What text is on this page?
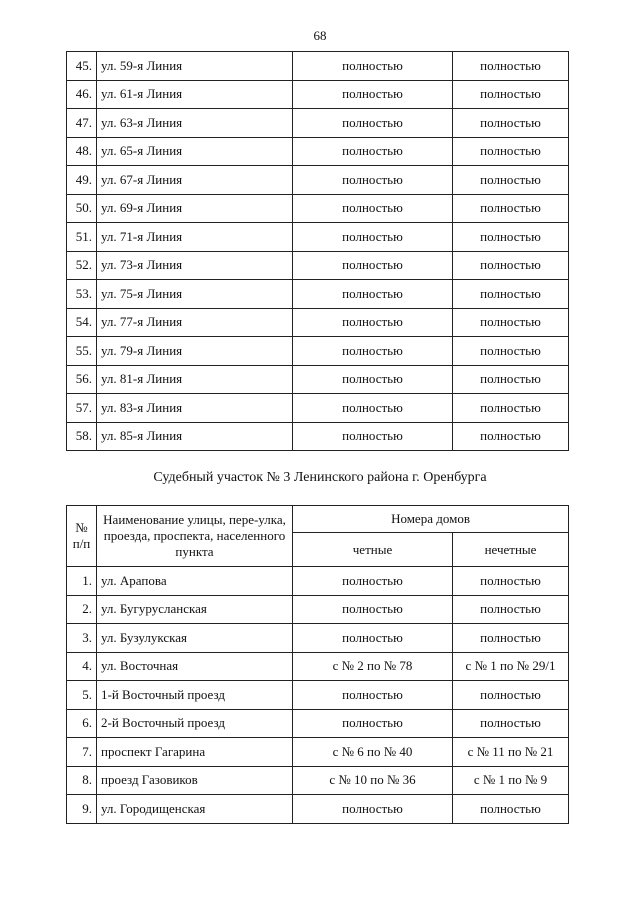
68
45.	ул. 59-я Линия	полностью	полностью
46.	ул. 61-я Линия	полностью	полностью
47.	ул. 63-я Линия	полностью	полностью
48.	ул. 65-я Линия	полностью	полностью
49.	ул. 67-я Линия	полностью	полностью
50.	ул. 69-я Линия	полностью	полностью
51.	ул. 71-я Линия	полностью	полностью
52.	ул. 73-я Линия	полностью	полностью
53.	ул. 75-я Линия	полностью	полностью
54.	ул. 77-я Линия	полностью	полностью
55.	ул. 79-я Линия	полностью	полностью
56.	ул. 81-я Линия	полностью	полностью
57.	ул. 83-я Линия	полностью	полностью
58.	ул. 85-я Линия	полностью	полностью
Судебный участок № 3 Ленинского района г. Оренбурга
№ п/п	Наименование улицы, пере-улка, проезда, проспекта, населенного пункта	Номера домов	
		четные	нечетные
1.	ул. Арапова	полностью	полностью
2.	ул. Бугурусланская	полностью	полностью
3.	ул. Бузулукская	полностью	полностью
4.	ул. Восточная	с № 2 по № 78	с № 1 по № 29/1
5.	1-й Восточный проезд	полностью	полностью
6.	2-й Восточный проезд	полностью	полностью
7.	проспект Гагарина	с № 6 по № 40	с № 11 по № 21
8.	проезд Газовиков	с № 10 по № 36	с № 1 по № 9
9.	ул. Городищенская	полностью	полностью
